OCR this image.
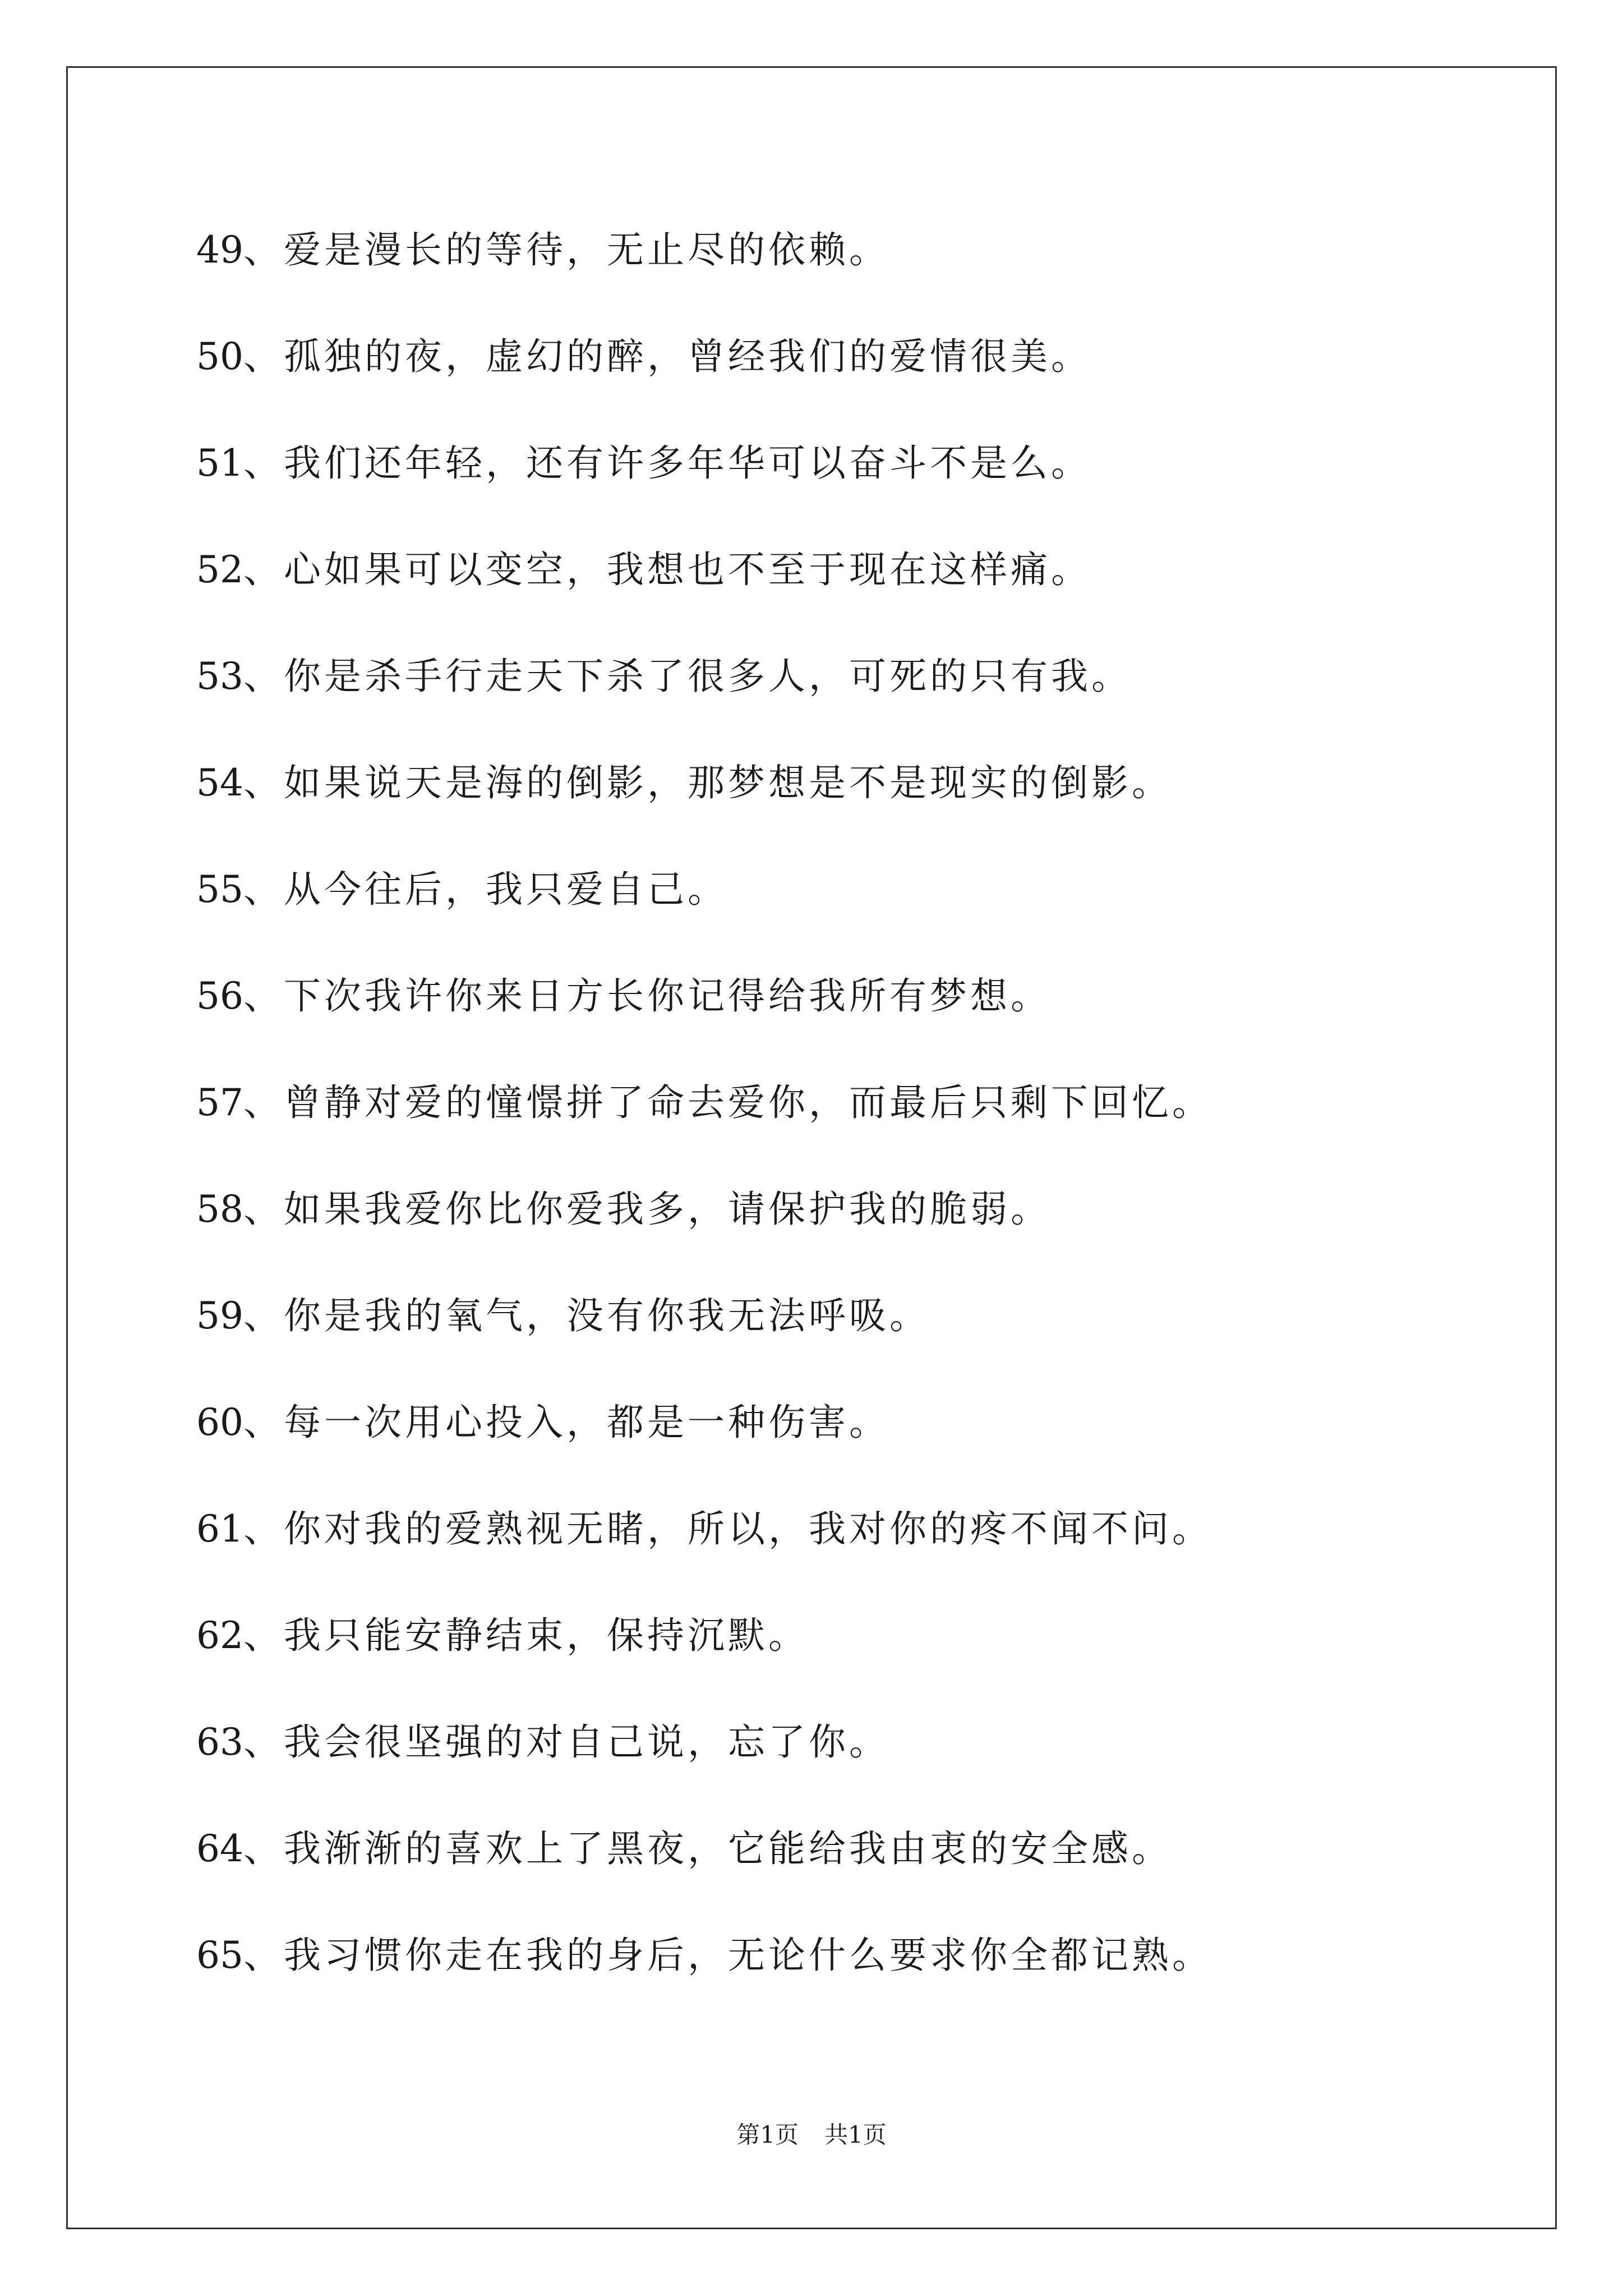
49、爱是漫长的等待，无止尽的依赖。
50、孤独的夜，虚幻的醉，曾经我们的爱情很美。
51、我们还年轻，还有许多年华可以奋斗不是么。
52、心如果可以变空，我想也不至于现在这样痛。
53、你是杀手行走天下杀了很多人，可死的只有我。
54、如果说天是海的倒影，那梦想是不是现实的倒影。
55、从今往后，我只爱自己。
56、下次我许你来日方长你记得给我所有梦想。
57、曾静对爱的憧憬拼了命去爱你，而最后只剩下回忆。
58、如果我爱你比你爱我多，请保护我的脆弱。
59、你是我的氧气，没有你我无法呼吸。
60、每一次用心投入，都是一种伤害。
61、你对我的爱熟视无睹，所以，我对你的疼不闻不问。
62、我只能安静结束，保持沉默。
63、我会很坚强的对自己说，忘了你。
64、我渐渐的喜欢上了黑夜，它能给我由衷的安全感。
65、我习惯你走在我的身后，无论什么要求你全都记熟。
第1页 共1页
